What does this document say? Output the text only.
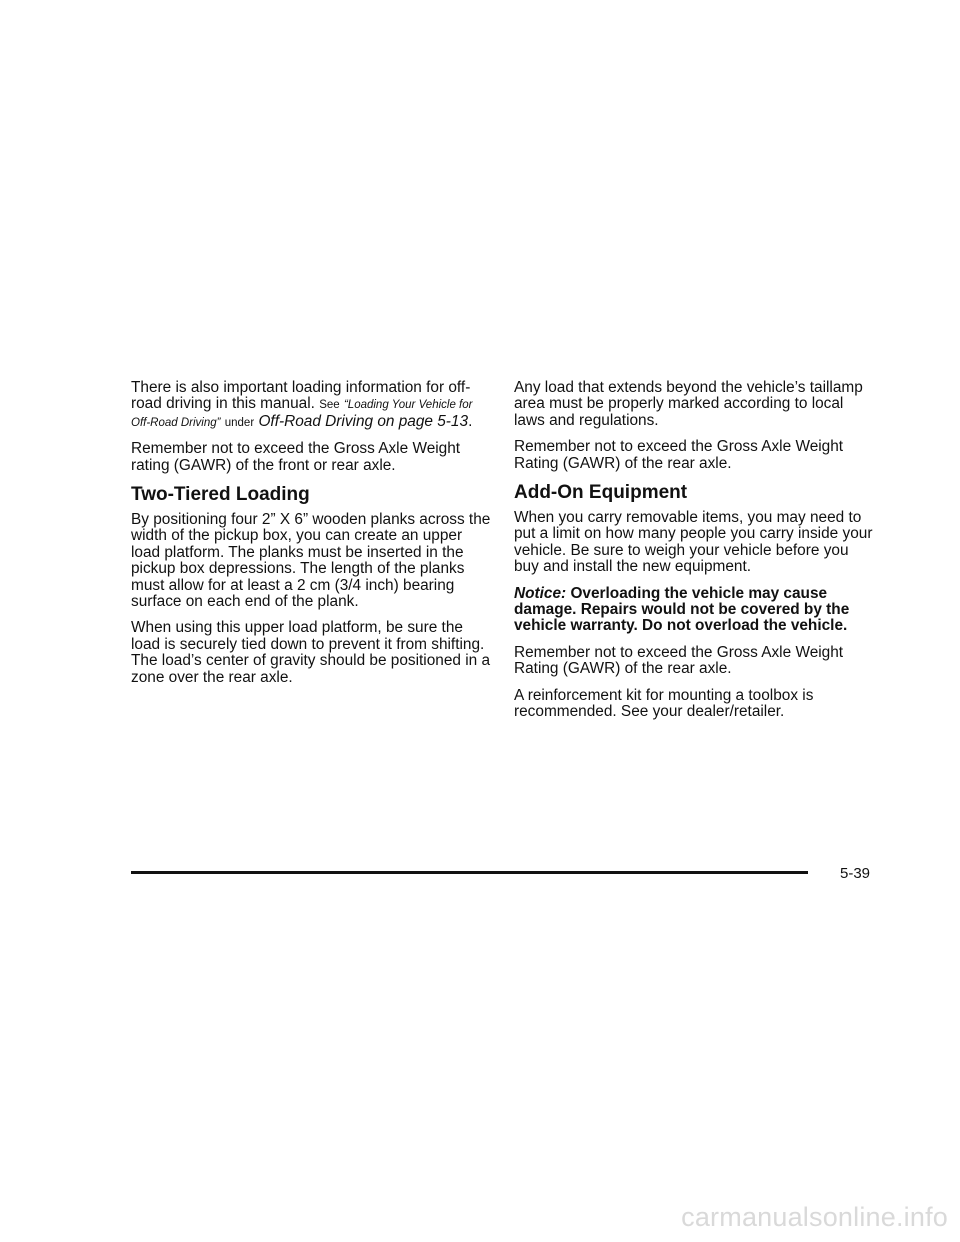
There is also important loading information for off-road driving in this manual. See “Loading Your Vehicle for Off-Road Driving” under Off-Road Driving on page 5-13.

Remember not to exceed the Gross Axle Weight rating (GAWR) of the front or rear axle.

Two-Tiered Loading

By positioning four 2” X 6” wooden planks across the width of the pickup box, you can create an upper load platform. The planks must be inserted in the pickup box depressions. The length of the planks must allow for at least a 2 cm (3/4 inch) bearing surface on each end of the plank.

When using this upper load platform, be sure the load is securely tied down to prevent it from shifting. The load’s center of gravity should be positioned in a zone over the rear axle.

Any load that extends beyond the vehicle’s taillamp area must be properly marked according to local laws and regulations.

Remember not to exceed the Gross Axle Weight Rating (GAWR) of the rear axle.

Add-On Equipment

When you carry removable items, you may need to put a limit on how many people you carry inside your vehicle. Be sure to weigh your vehicle before you buy and install the new equipment.

Notice: Overloading the vehicle may cause damage. Repairs would not be covered by the vehicle warranty. Do not overload the vehicle.

Remember not to exceed the Gross Axle Weight Rating (GAWR) of the rear axle.

A reinforcement kit for mounting a toolbox is recommended. See your dealer/retailer.

5-39
carmanualsonline.info
